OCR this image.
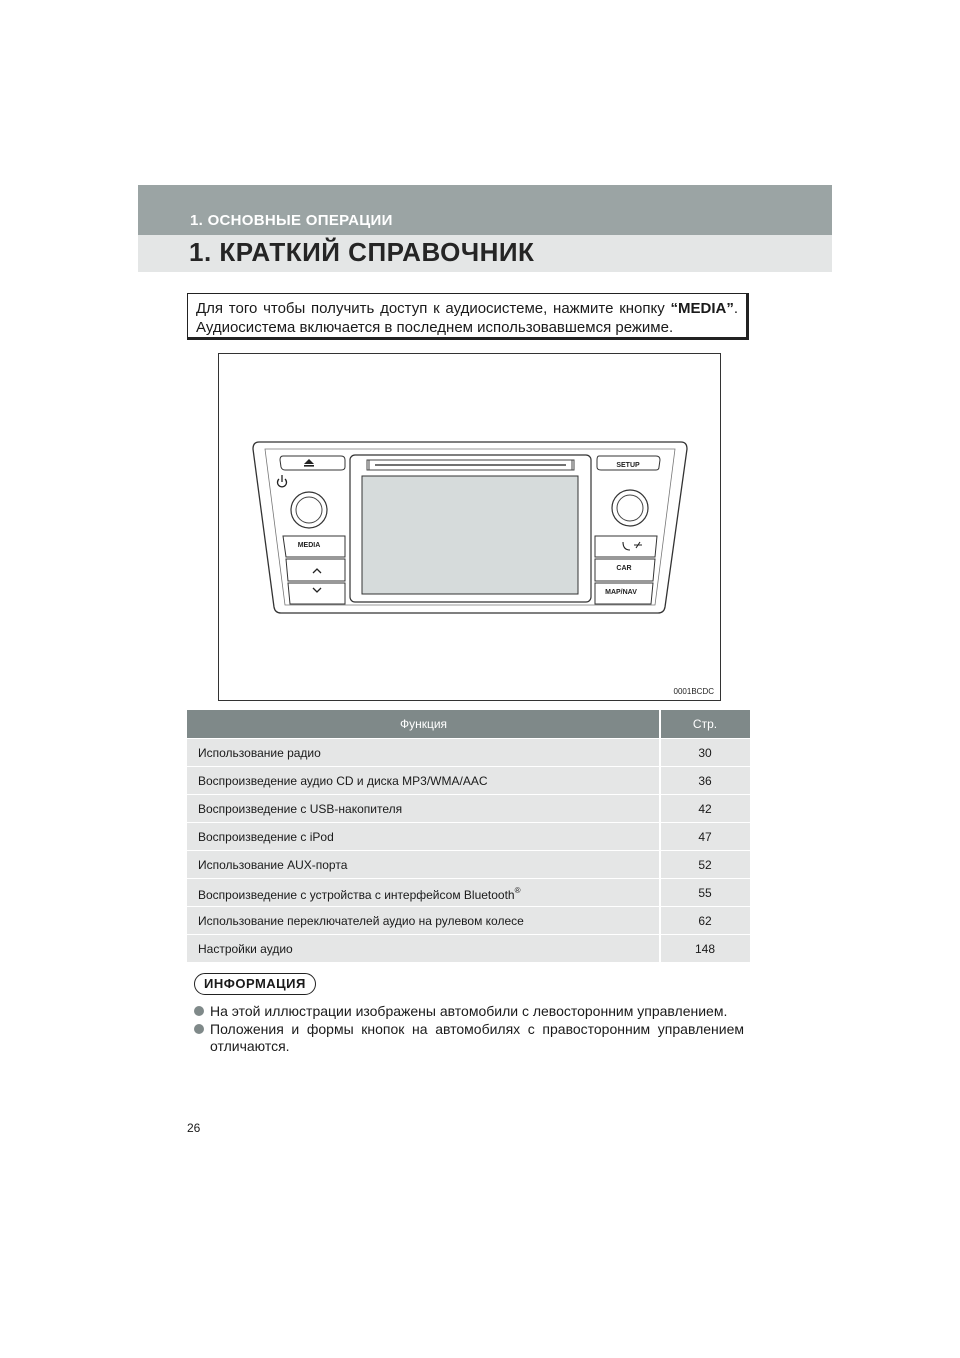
1. ОСНОВНЫЕ ОПЕРАЦИИ
1. КРАТКИЙ СПРАВОЧНИК
Для того чтобы получить доступ к аудиосистеме, нажмите кнопку “MEDIA”.
Аудиосистема включается в последнем использовавшемся режиме.
SETUP
MEDIA
CAR
MAP/NAV
0001BCDC
Функция	Стр.
Использование радио	30
Воспроизведение аудио CD и диска MP3/WMA/AAC	36
Воспроизведение с USB-накопителя	42
Воспроизведение с iPod	47
Использование AUX-порта	52
Воспроизведение с устройства с интерфейсом Bluetooth®	55
Использование переключателей аудио на рулевом колесе	62
Настройки аудио	148
ИНФОРМАЦИЯ
На этой иллюстрации изображены автомобили с левосторонним управлением.
Положения и формы кнопок на автомобилях с правосторонним управлением
отличаются.
26
